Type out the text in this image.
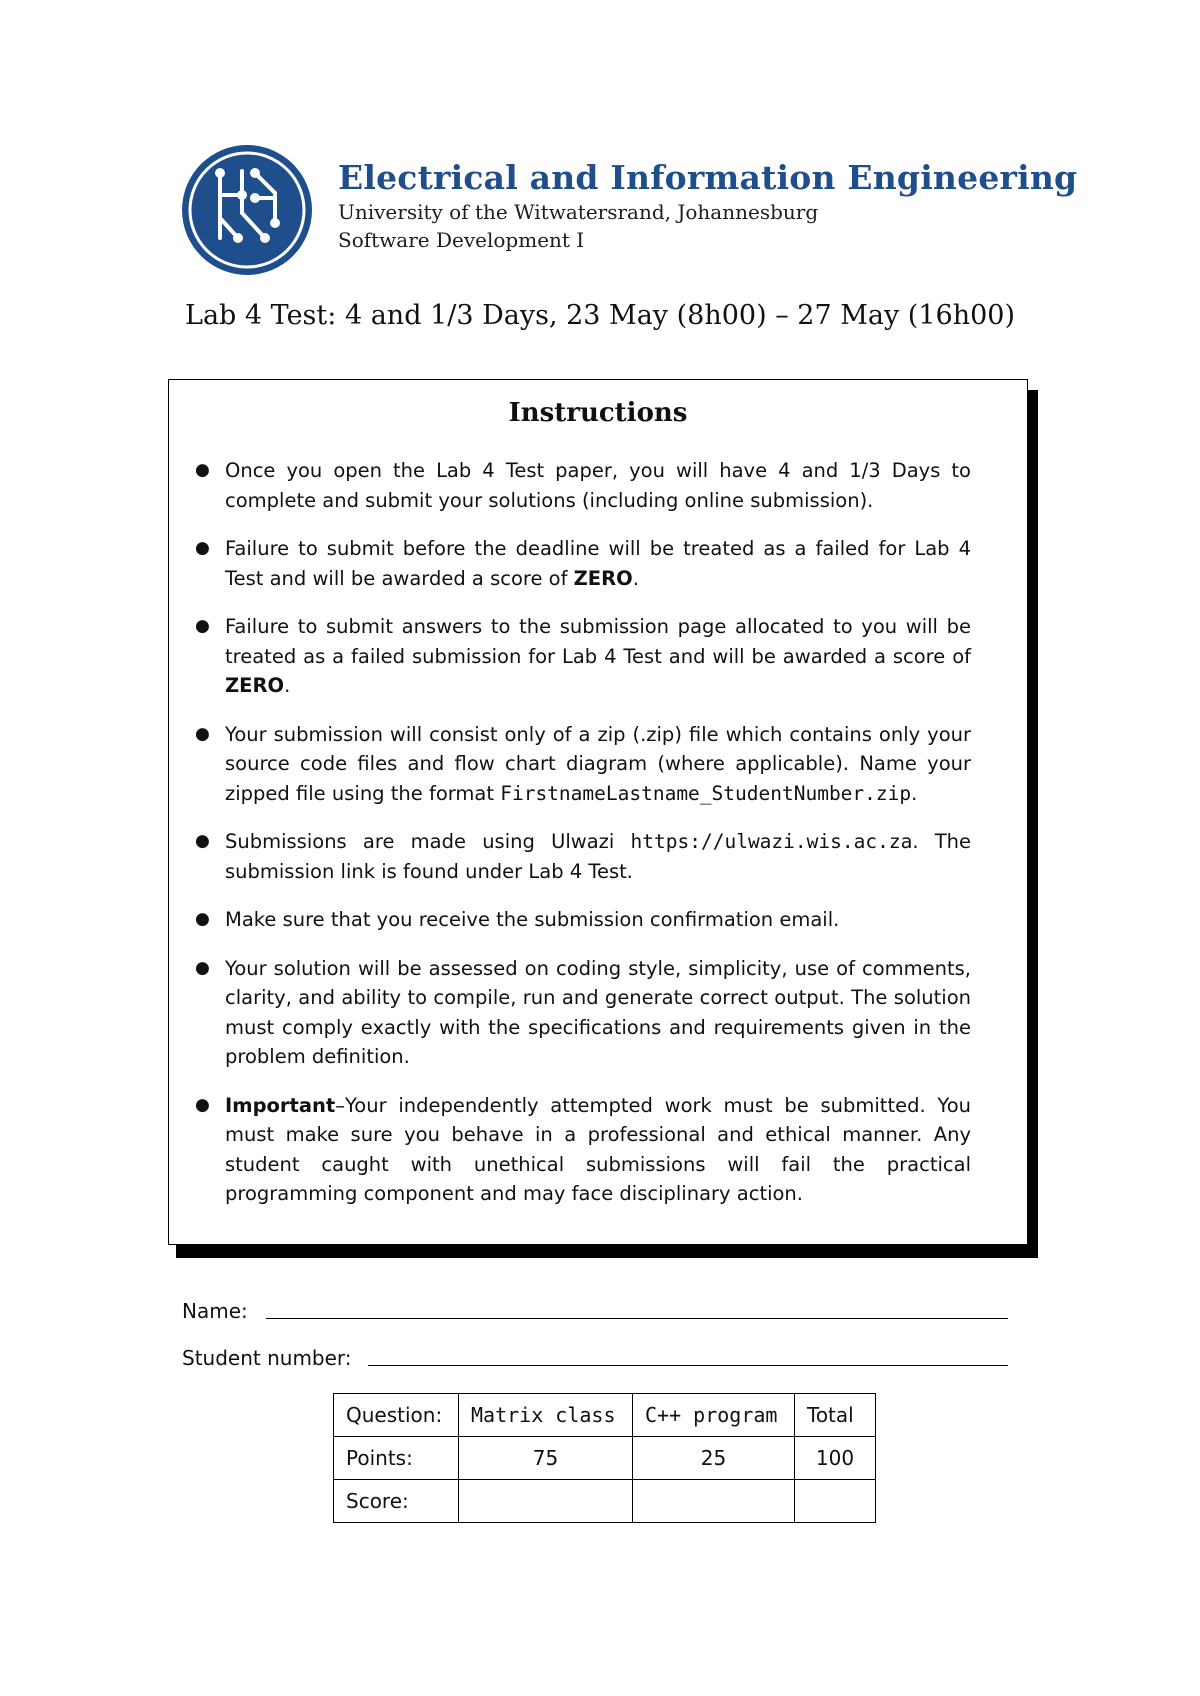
Electrical and Information Engineering
University of the Witwatersrand, Johannesburg
Software Development I
Lab 4 Test: 4 and 1/3 Days, 23 May (8h00) – 27 May (16h00)
Instructions
● Once you open the Lab 4 Test paper, you will have 4 and 1/3 Days to complete and submit your solutions (including online submission).
● Failure to submit before the deadline will be treated as a failed for Lab 4 Test and will be awarded a score of ZERO.
● Failure to submit answers to the submission page allocated to you will be treated as a failed submission for Lab 4 Test and will be awarded a score of ZERO.
● Your submission will consist only of a zip (.zip) file which contains only your source code files and flow chart diagram (where applicable). Name your zipped file using the format FirstnameLastname_StudentNumber.zip.
● Submissions are made using Ulwazi https://ulwazi.wis.ac.za. The submission link is found under Lab 4 Test.
● Make sure that you receive the submission confirmation email.
● Your solution will be assessed on coding style, simplicity, use of comments, clarity, and ability to compile, run and generate correct output. The solution must comply exactly with the specifications and requirements given in the problem definition.
● Important–Your independently attempted work must be submitted. You must make sure you behave in a professional and ethical manner. Any student caught with unethical submissions will fail the practical programming component and may face disciplinary action.
Name:
Student number:
Question:	Matrix class	C++ program	Total
Points:	75	25	100
Score:			
